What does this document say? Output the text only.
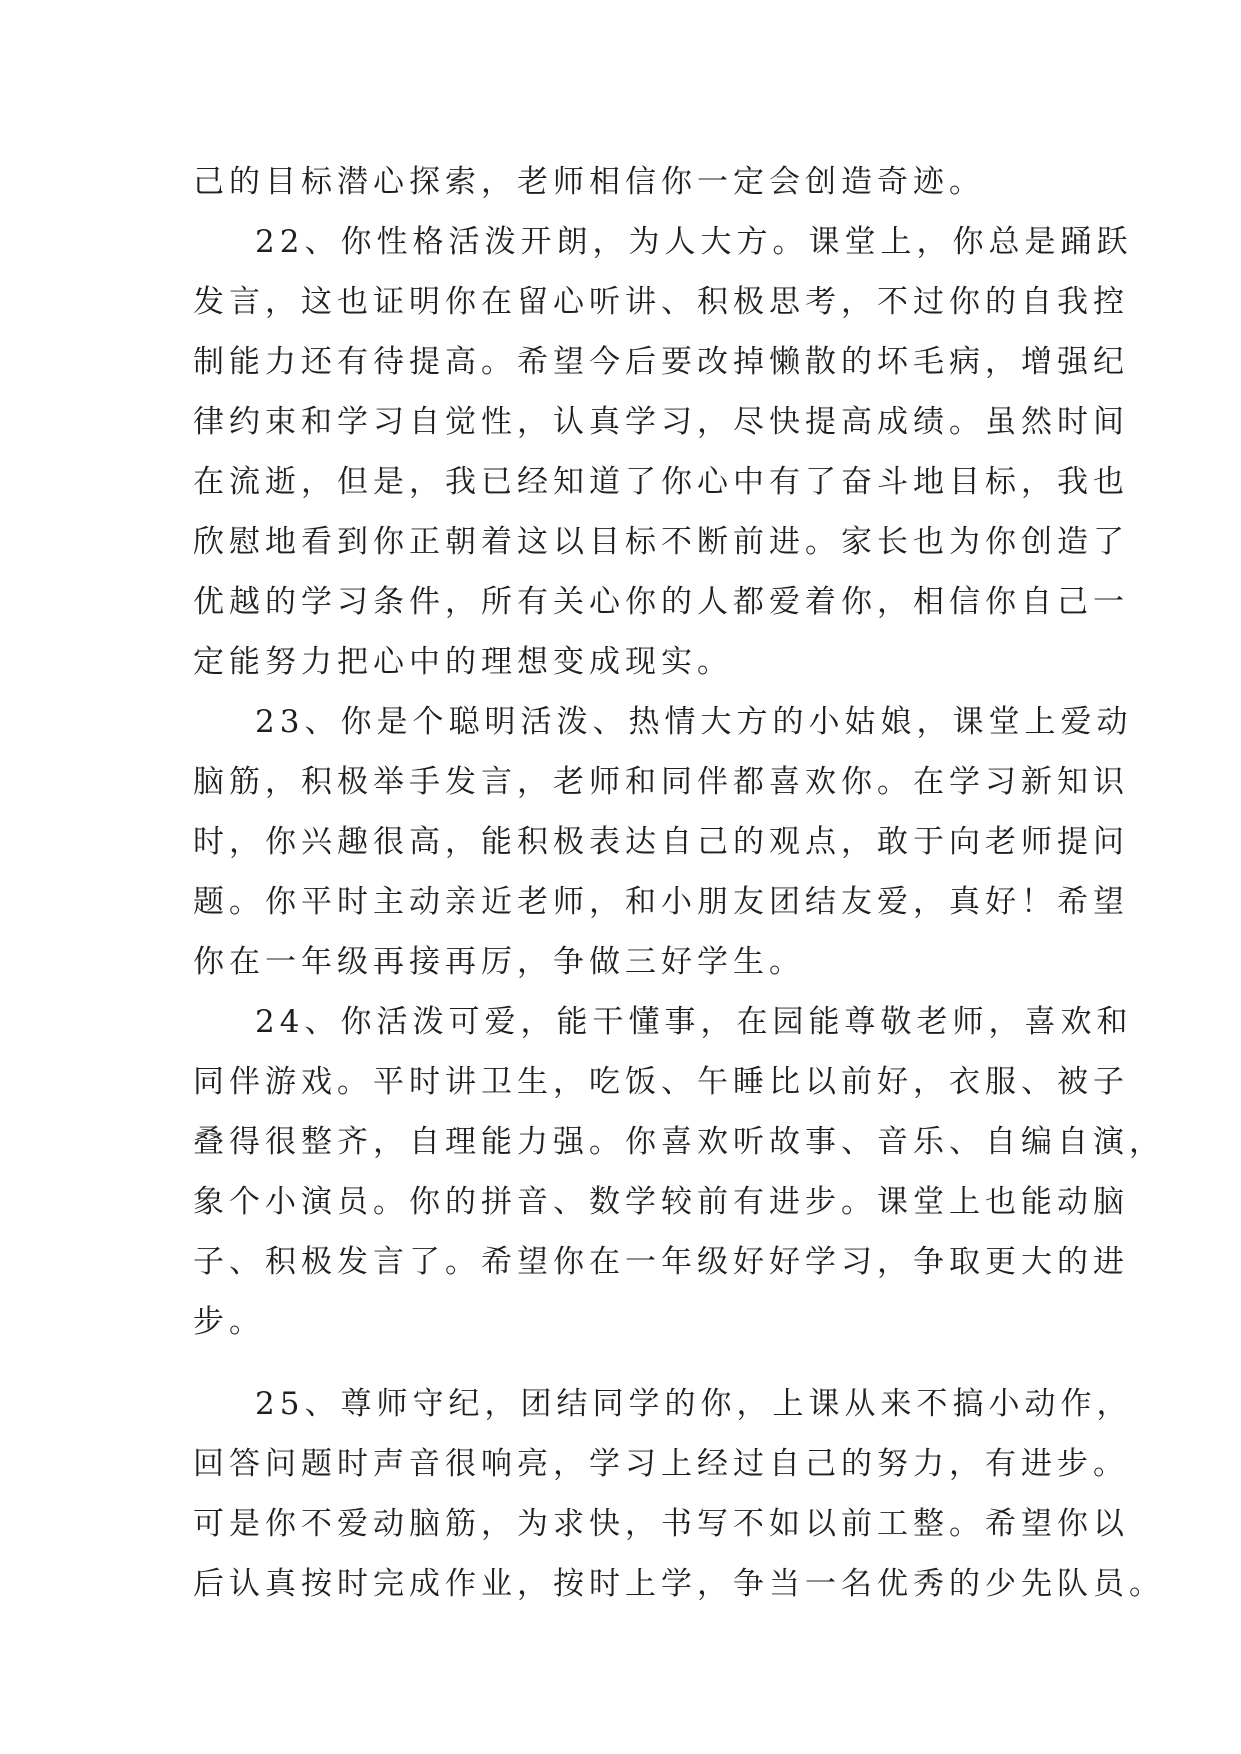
己的目标潜心探索，老师相信你一定会创造奇迹。
22、你性格活泼开朗，为人大方。课堂上，你总是踊跃
发言，这也证明你在留心听讲、积极思考，不过你的自我控
制能力还有待提高。希望今后要改掉懒散的坏毛病，增强纪
律约束和学习自觉性，认真学习，尽快提高成绩。虽然时间
在流逝，但是，我已经知道了你心中有了奋斗地目标，我也
欣慰地看到你正朝着这以目标不断前进。家长也为你创造了
优越的学习条件，所有关心你的人都爱着你，相信你自己一
定能努力把心中的理想变成现实。
23、你是个聪明活泼、热情大方的小姑娘，课堂上爱动
脑筋，积极举手发言，老师和同伴都喜欢你。在学习新知识
时，你兴趣很高，能积极表达自己的观点，敢于向老师提问
题。你平时主动亲近老师，和小朋友团结友爱，真好！希望
你在一年级再接再厉，争做三好学生。
24、你活泼可爱，能干懂事，在园能尊敬老师，喜欢和
同伴游戏。平时讲卫生，吃饭、午睡比以前好，衣服、被子
叠得很整齐，自理能力强。你喜欢听故事、音乐、自编自演，
象个小演员。你的拼音、数学较前有进步。课堂上也能动脑
子、积极发言了。希望你在一年级好好学习，争取更大的进
步。
25、尊师守纪，团结同学的你，上课从来不搞小动作，
回答问题时声音很响亮，学习上经过自己的努力，有进步。
可是你不爱动脑筋，为求快，书写不如以前工整。希望你以
后认真按时完成作业，按时上学，争当一名优秀的少先队员。
